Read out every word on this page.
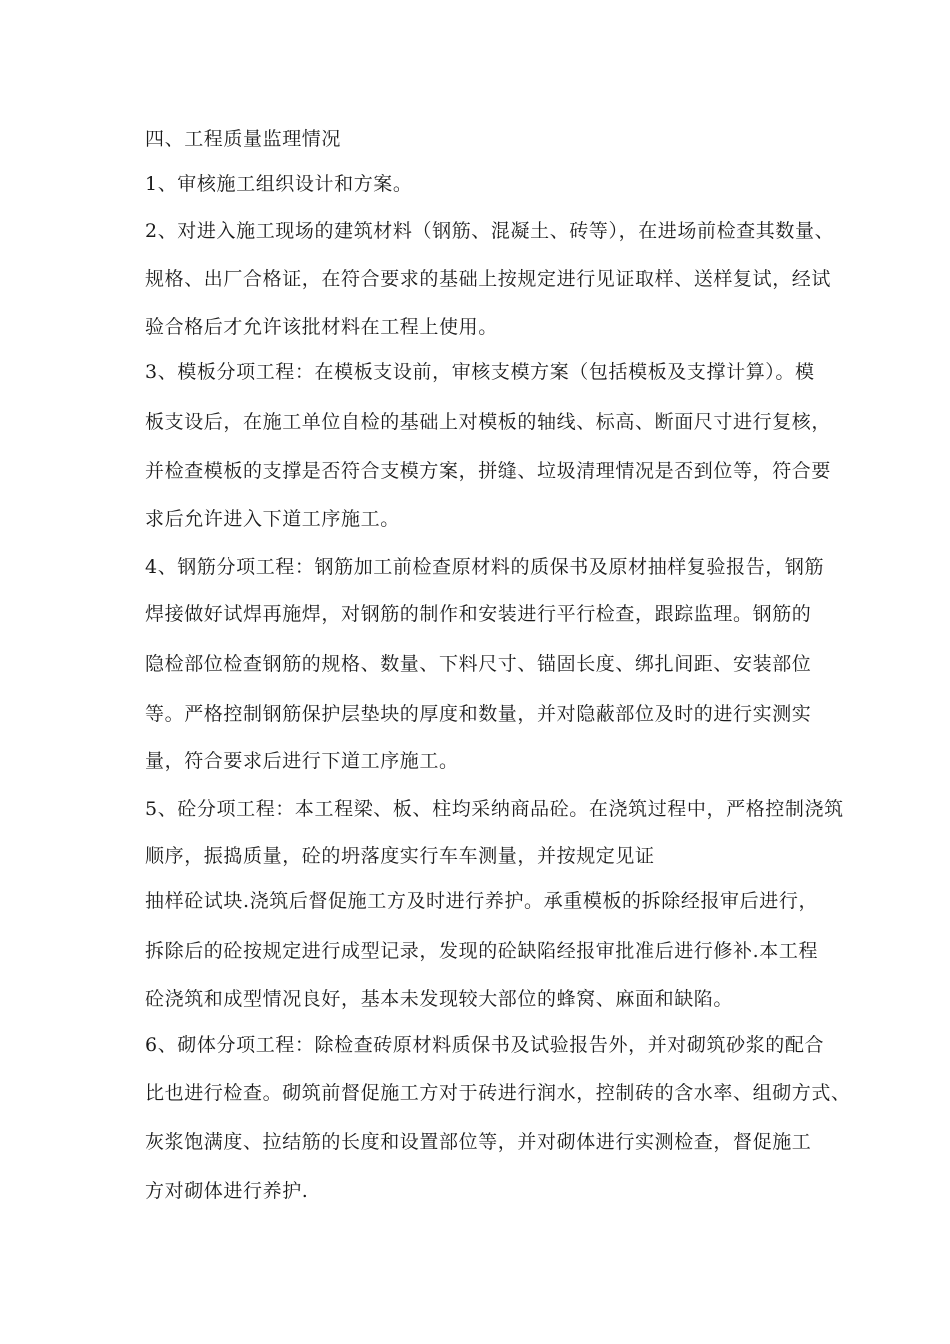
四、工程质量监理情况
1、审核施工组织设计和方案。
2、对进入施工现场的建筑材料（钢筋、混凝土、砖等），在进场前检查其数量、
规格、出厂合格证，在符合要求的基础上按规定进行见证取样、送样复试，经试
验合格后才允许该批材料在工程上使用。
3、模板分项工程：在模板支设前，审核支模方案（包括模板及支撑计算）。模
板支设后，在施工单位自检的基础上对模板的轴线、标高、断面尺寸进行复核，
并检查模板的支撑是否符合支模方案，拼缝、垃圾清理情况是否到位等，符合要
求后允许进入下道工序施工。
4、钢筋分项工程：钢筋加工前检查原材料的质保书及原材抽样复验报告，钢筋
焊接做好试焊再施焊，对钢筋的制作和安装进行平行检查，跟踪监理。钢筋的
隐检部位检查钢筋的规格、数量、下料尺寸、锚固长度、绑扎间距、安装部位
等。严格控制钢筋保护层垫块的厚度和数量，并对隐蔽部位及时的进行实测实
量，符合要求后进行下道工序施工。
5、砼分项工程：本工程梁、板、柱均采纳商品砼。在浇筑过程中，严格控制浇筑
顺序，振捣质量，砼的坍落度实行车车测量，并按规定见证
抽样砼试块.浇筑后督促施工方及时进行养护。承重模板的拆除经报审后进行，
拆除后的砼按规定进行成型记录，发现的砼缺陷经报审批准后进行修补.本工程
砼浇筑和成型情况良好，基本未发现较大部位的蜂窝、麻面和缺陷。
6、砌体分项工程：除检查砖原材料质保书及试验报告外，并对砌筑砂浆的配合
比也进行检查。砌筑前督促施工方对于砖进行润水，控制砖的含水率、组砌方式、
灰浆饱满度、拉结筋的长度和设置部位等，并对砌体进行实测检查，督促施工
方对砌体进行养护.
